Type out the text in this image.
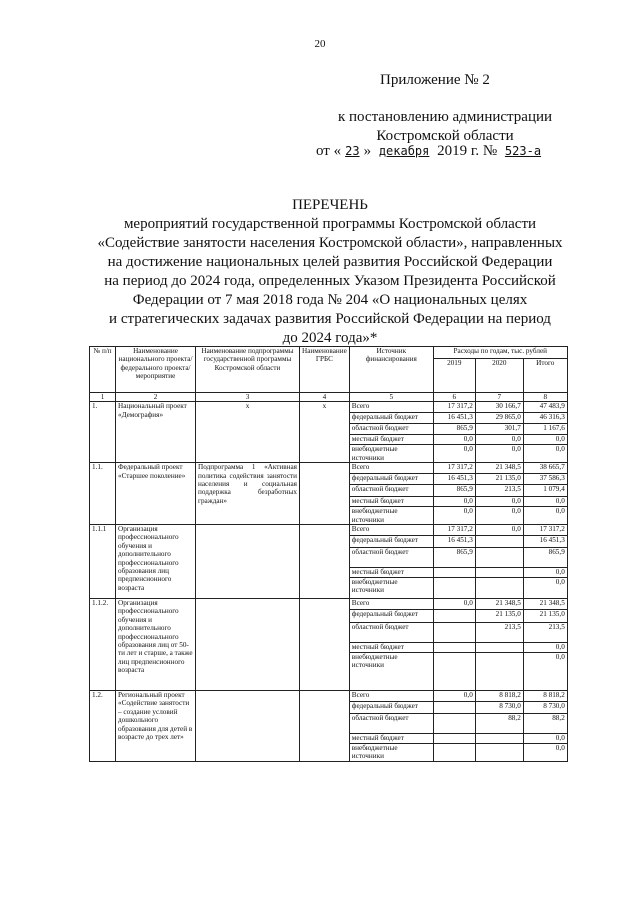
20
Приложение № 2
к постановлению администрации
Костромской области
от « 23 » декабря 2019 г. № 523-а
ПЕРЕЧЕНЬ
мероприятий государственной программы Костромской области
«Содействие занятости населения Костромской области», направленных
на достижение национальных целей развития Российской Федерации
на период до 2024 года, определенных Указом Президента Российской
Федерации от 7 мая 2018 года № 204 «О национальных целях
и стратегических задачах развития Российской Федерации на период
до 2024 года»*
№ п/п	Наименование национального проекта/ федерального проекта/мероприятие	Наименование подпрограммы государственной программы Костромской области	Наименование ГРБС	Источник финансирования	Расходы по годам, тыс. рублей		
					2019	2020	Итого
1	2	3	4	5	6	7	8
1.	Национальный проект «Демография»	х	х	Всего	17 317,2	30 166,7	47 483,9
				федеральный бюджет	16 451,3	29 865,0	46 316,3
				областной бюджет	865,9	301,7	1 167,6
				местный бюджет	0,0	0,0	0,0
				внебюджетные источники	0,0	0,0	0,0
1.1.	Федеральный проект «Старшее поколение»	Подпрограмма 1 «Активная политика содействия занятости населения и социальная поддержка безработных граждан»		Всего	17 317,2	21 348,5	38 665,7
				федеральный бюджет	16 451,3	21 135,0	37 586,3
				областной бюджет	865,9	213,5	1 079,4
				местный бюджет	0,0	0,0	0,0
				внебюджетные источники	0,0	0,0	0,0
1.1.1	Организация профессионального обучения и дополнительного профессионального образования лиц предпенсионного возраста			Всего	17 317,2	0,0	17 317,2
				федеральный бюджет	16 451,3		16 451,3
				областной бюджет	865,9		865,9
				местный бюджет			0,0
				внебюджетные источники			0,0
1.1.2.	Организация профессионального обучения и дополнительного профессионального образования лиц от 50-ти лет и старше, а также лиц предпенсионного возраста			Всего	0,0	21 348,5	21 348,5
				федеральный бюджет		21 135,0	21 135,0
				областной бюджет		213,5	213,5
				местный бюджет			0,0
				внебюджетные источники			0,0
1.2.	Региональный проект «Содействие занятости – создание условий дошкольного образования для детей в возрасте до трех лет»			Всего	0,0	8 818,2	8 818,2
				федеральный бюджет		8 730,0	8 730,0
				областной бюджет		88,2	88,2
				местный бюджет			0,0
				внебюджетные источники			0,0
